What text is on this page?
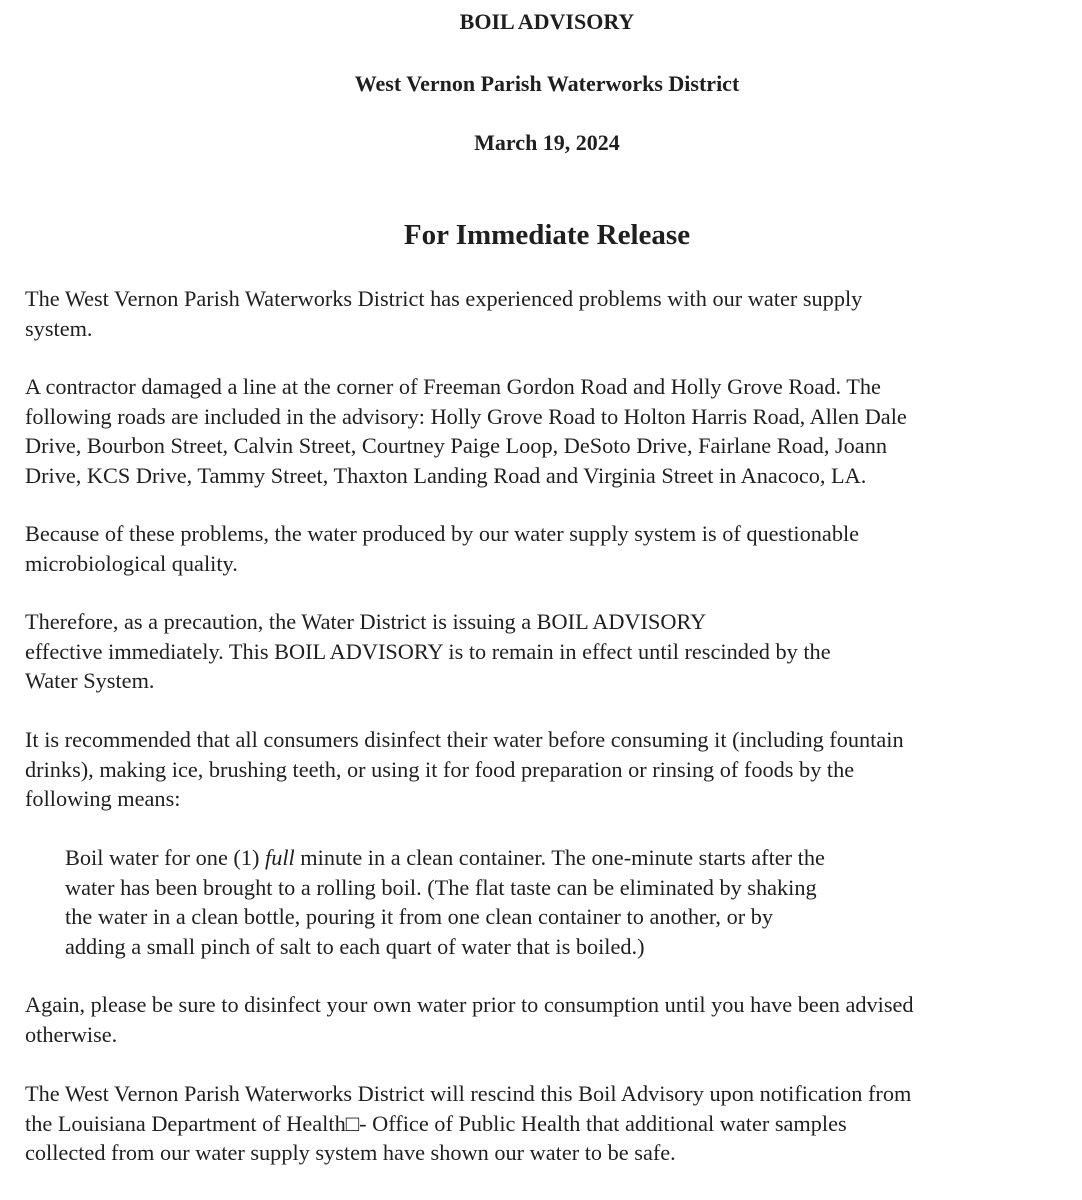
BOIL ADVISORY
West Vernon Parish Waterworks District
March 19, 2024
For Immediate Release
The West Vernon Parish Waterworks District has experienced problems with our water supply
system.
A contractor damaged a line at the corner of Freeman Gordon Road and Holly Grove Road. The
following roads are included in the advisory: Holly Grove Road to Holton Harris Road, Allen Dale
Drive, Bourbon Street, Calvin Street, Courtney Paige Loop, DeSoto Drive, Fairlane Road, Joann
Drive, KCS Drive, Tammy Street, Thaxton Landing Road and Virginia Street in Anacoco, LA.
Because of these problems, the water produced by our water supply system is of questionable
microbiological quality.
Therefore, as a precaution, the Water District is issuing a BOIL ADVISORY
effective immediately. This BOIL ADVISORY is to remain in effect until rescinded by the
Water System.
It is recommended that all consumers disinfect their water before consuming it (including fountain
drinks), making ice, brushing teeth, or using it for food preparation or rinsing of foods by the
following means:
Boil water for one (1) full minute in a clean container. The one-minute starts after the
water has been brought to a rolling boil. (The flat taste can be eliminated by shaking
the water in a clean bottle, pouring it from one clean container to another, or by
adding a small pinch of salt to each quart of water that is boiled.)
Again, please be sure to disinfect your own water prior to consumption until you have been advised
otherwise.
The West Vernon Parish Waterworks District will rescind this Boil Advisory upon notification from
the Louisiana Department of Health□- Office of Public Health that additional water samples
collected from our water supply system have shown our water to be safe.
